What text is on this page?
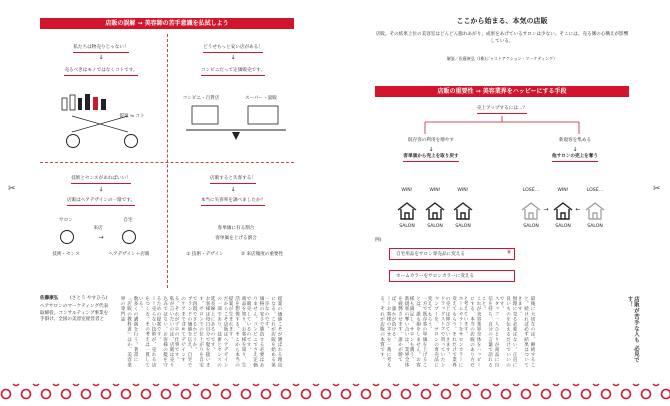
店販の誤解 → 美容師の苦手意識を払拭しよう
私たちは物売りじゃない！
↓
売るべきはモノではなくコトです。
提案 ≒ コト
どうせもっと安い店がある！
↓
コンビニだって定価販売です。
コンビニ・百貨店	スーパー・量販
技術とセンスがあればいい！
↓
店販はヘアデザインの一環です。
サロン
来店
自宅
→
技術・センス	ヘアデザイン＋店販
店販すると失客する！
↓
本当に失客率を調べましたか？
客単価に有る割合
客単価を上げる割合
① 技術・デザイン	② 来店頻度の重要性
佐藤康弘	(さとう やすひろ)
ヘアサロンのマーケティング代表取締役。コンサルティング事業を手掛け、全国の美容室経営者と	数多くの講演を行う。著書に『店販の教科書』ほか、美容業界の専門誌	ーー売らない技術が、売れる店をつくる。その考えは一貫している。	私が言いたいのは、店販は売り込みではない。お客様の髪を守るための提案です。	ブランドの価値を伝え、自宅でのケアまで含めてデザインする。それがプロの仕事です。	お客様は毎日自分で髪を扱います。サロンでの仕上がりを自宅で再現できるかどうか。	だからこそ店販はヘアデザインの一部であり、技術とセンスの延長線上にあるのです。	商品を知り、お客様を知り、生活を想像する。そこから本当の提案が生まれます。	価格の安さで勝負する必要はありません。コンビニでさえ定価で販売しているのです。	提案の価値こそが選ばれる理由になる。これが店販を始める第一歩なのです。
✂
ここから始まる、本気の店販
店販。その結果上位の美容室はどんどん膨れあがり、成果をあげているサロンは少ない。そこには、売る側の心構えが影響している。
解説／佐藤康弘（(株)ジャストアクション・マーケティング）
店販の重要性 → 美容業界をハッピーにする手段
売上アップするには…？
既存客の利用を増やす
↓
客単価から売上を取り戻す
新規客を集める
↓
他サロンの売上を奪う
WIN!	WIN!	WIN!
SALON	SALON	SALON
LOSE…	WIN!	LOSE…
→	←
SALON	SALON	SALON
例)
自宅用品をサロン専売品に変える	¥
ホームカラーをサロンカラーに変える
ーーお客様の幸せを一番に考える。それが店販の本質です。	新規客の奪い合いは、業界全体を疲弊させます。誰かが勝てば、誰かが負ける。	一方で既存客の単価を上げることは、誰も損をしません。お客様も満足し、サロンも潤う。	ドラッグストアで買っていたシャンプーを、サロンの専売品に変えてもらう。	ホームカラーをサロンカラーに変えてもらう。それだけで業界の売上は伸びていきます。	これが美容業界全体をハッピーにする、本当の店販のあり方だと考えています。	スタッフ一人ひとりが商品に自信を持ち、自分の言葉で語れること。	無理に売る必要はない。正直に良いものを伝えるだけでいいのです。	最後に大切なのは、継続すること。続ければ必ず結果はついてきます。	店販が苦手な人も 必見です！
✂
